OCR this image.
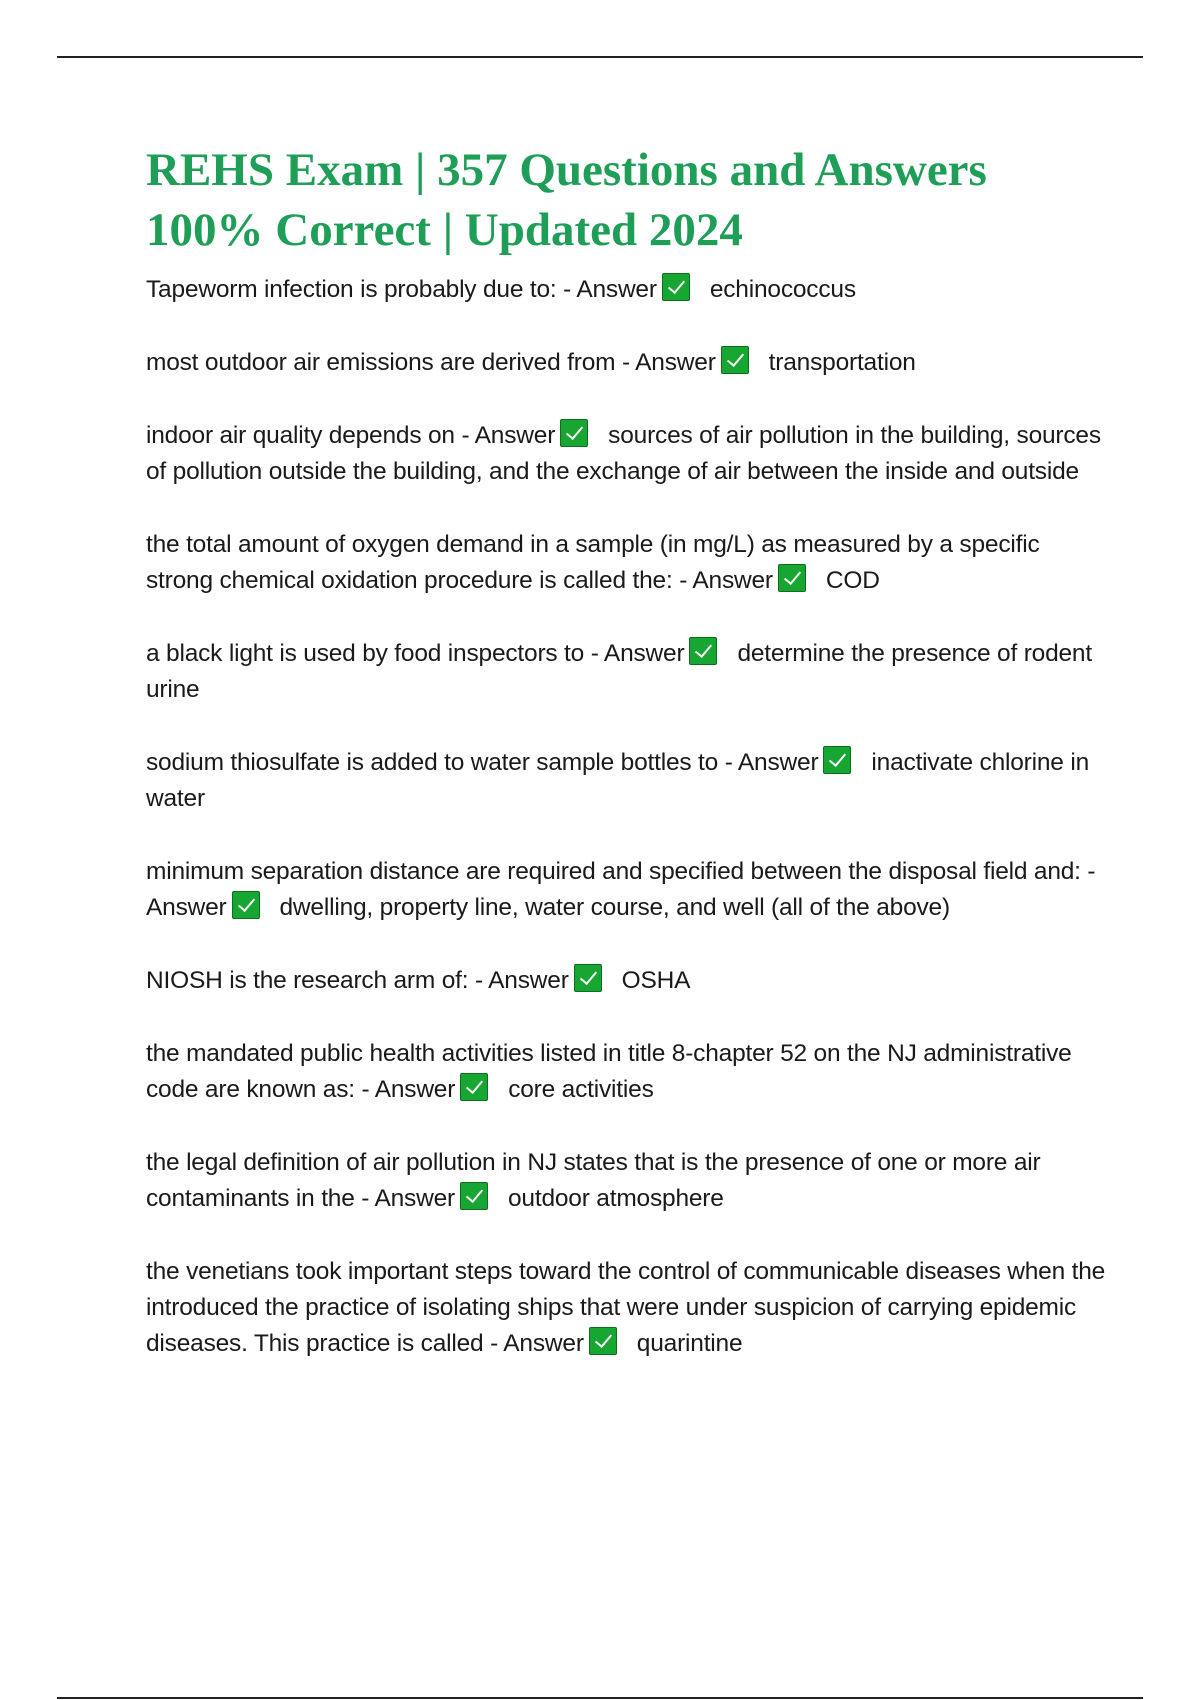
REHS Exam | 357 Questions and Answers 100% Correct | Updated 2024

Tapeworm infection is probably due to: - Answer echinococcus

most outdoor air emissions are derived from - Answer transportation

indoor air quality depends on - Answer sources of air pollution in the building, sources of pollution outside the building, and the exchange of air between the inside and outside

the total amount of oxygen demand in a sample (in mg/L) as measured by a specific strong chemical oxidation procedure is called the: - Answer COD

a black light is used by food inspectors to - Answer determine the presence of rodent urine

sodium thiosulfate is added to water sample bottles to - Answer inactivate chlorine in water

minimum separation distance are required and specified between the disposal field and: - Answer dwelling, property line, water course, and well (all of the above)

NIOSH is the research arm of: - Answer OSHA

the mandated public health activities listed in title 8-chapter 52 on the NJ administrative code are known as: - Answer core activities

the legal definition of air pollution in NJ states that is the presence of one or more air contaminants in the - Answer outdoor atmosphere

the venetians took important steps toward the control of communicable diseases when the introduced the practice of isolating ships that were under suspicion of carrying epidemic diseases. This practice is called - Answer quarintine
